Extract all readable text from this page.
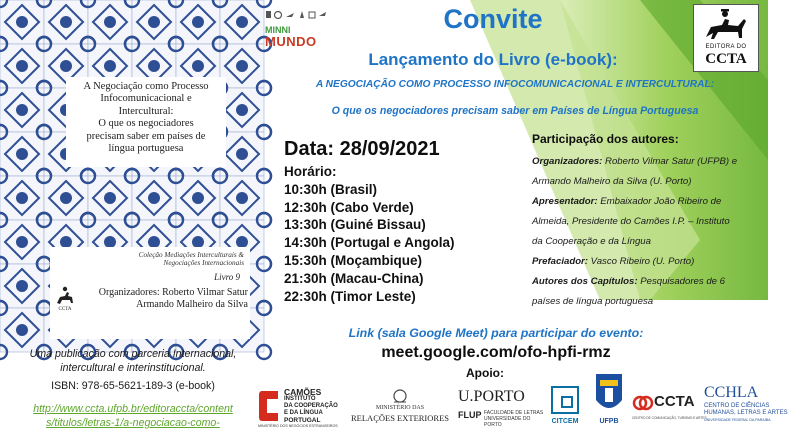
A Negociação como Processo
Infocomunicacional e
Intercultural:
O que os negociadores
precisam saber em países de
língua portuguesa
Coleção Mediações Interculturais &
Negociações Internacionais
Livro 9
CCTA
Organizadores: Roberto Vilmar Satur
Armando Malheiro da Silva
MINNI
MUNDO
Convite
Lançamento do Livro (e-book):
A NEGOCIAÇÃO COMO PROCESSO INFOCOMUNICACIONAL E INTERCULTURAL:
O que os negociadores precisam saber em Países de Língua Portuguesa
EDITORA DO
CCTA
Data: 28/09/2021
Horário:
10:30h (Brasil)
12:30h (Cabo Verde)
13:30h (Guiné Bissau)
14:30h (Portugal e Angola)
15:30h (Moçambique)
21:30h (Macau-China)
22:30h (Timor Leste)
Participação dos autores:
Organizadores: Roberto Vilmar Satur (UFPB) e
Armando Malheiro da Silva (U. Porto)
Apresentador: Embaixador João Ribeiro de
Almeida, Presidente do Camões I.P. – Instituto
da Cooperação e da Língua
Prefaciador: Vasco Ribeiro (U. Porto)
Autores dos Capítulos: Pesquisadores de 6
países de língua portuguesa
Link (sala Google Meet) para participar do evento:
meet.google.com/ofo-hpfi-rmz
Apoio:
Uma publicação com parceria Internacional,
intercultural e interinstitucional.
ISBN: 978-65-5621-189-3 (e-book)
http://www.ccta.ufpb.br/editoraccta/content
s/titulos/letras-1/a-negociacao-como-
CAMÕES
INSTITUTO
DA COOPERAÇÃO
E DA LÍNGUA
PORTUGAL
MINISTÉRIO DOS NEGÓCIOS ESTRANGEIROS
MINISTÉRIO DAS
RELAÇÕES EXTERIORES
U.PORTO
FLUP FACULDADE DE LETRAS
UNIVERSIDADE DO PORTO	CITCEM	UFPB
CCTA
CENTRO DE COMUNICAÇÃO, TURISMO E ARTES
CCHLA
CENTRO DE CIÊNCIAS
HUMANAS, LETRAS E ARTES
UNIVERSIDADE FEDERAL DA PARAÍBA
